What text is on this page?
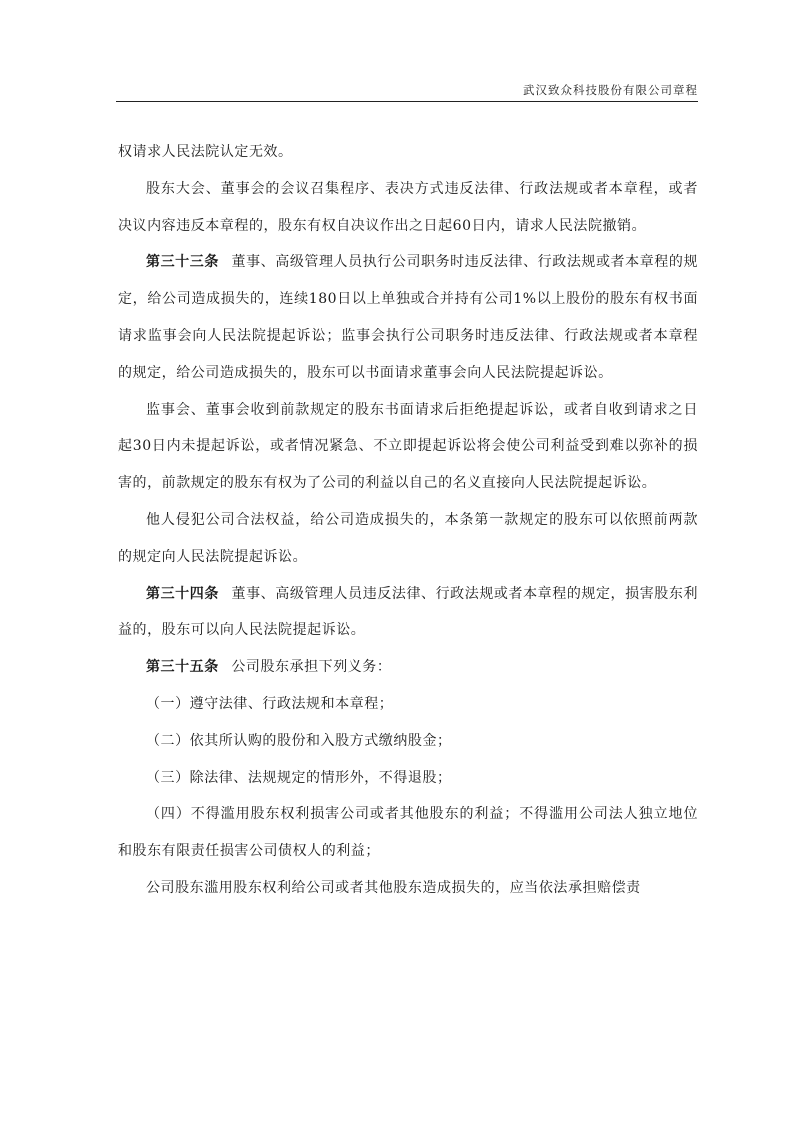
武汉致众科技股份有限公司章程

权请求人民法院认定无效。

股东大会、董事会的会议召集程序、表决方式违反法律、行政法规或者本章程，或者决议内容违反本章程的，股东有权自决议作出之日起60日内，请求人民法院撤销。

第三十三条 董事、高级管理人员执行公司职务时违反法律、行政法规或者本章程的规定，给公司造成损失的，连续180日以上单独或合并持有公司1%以上股份的股东有权书面请求监事会向人民法院提起诉讼；监事会执行公司职务时违反法律、行政法规或者本章程的规定，给公司造成损失的，股东可以书面请求董事会向人民法院提起诉讼。

监事会、董事会收到前款规定的股东书面请求后拒绝提起诉讼，或者自收到请求之日起30日内未提起诉讼，或者情况紧急、不立即提起诉讼将会使公司利益受到难以弥补的损害的，前款规定的股东有权为了公司的利益以自己的名义直接向人民法院提起诉讼。

他人侵犯公司合法权益，给公司造成损失的，本条第一款规定的股东可以依照前两款的规定向人民法院提起诉讼。

第三十四条 董事、高级管理人员违反法律、行政法规或者本章程的规定，损害股东利益的，股东可以向人民法院提起诉讼。

第三十五条 公司股东承担下列义务：

（一）遵守法律、行政法规和本章程；

（二）依其所认购的股份和入股方式缴纳股金；

（三）除法律、法规规定的情形外，不得退股；

（四）不得滥用股东权利损害公司或者其他股东的利益；不得滥用公司法人独立地位和股东有限责任损害公司债权人的利益；

公司股东滥用股东权利给公司或者其他股东造成损失的，应当依法承担赔偿责
